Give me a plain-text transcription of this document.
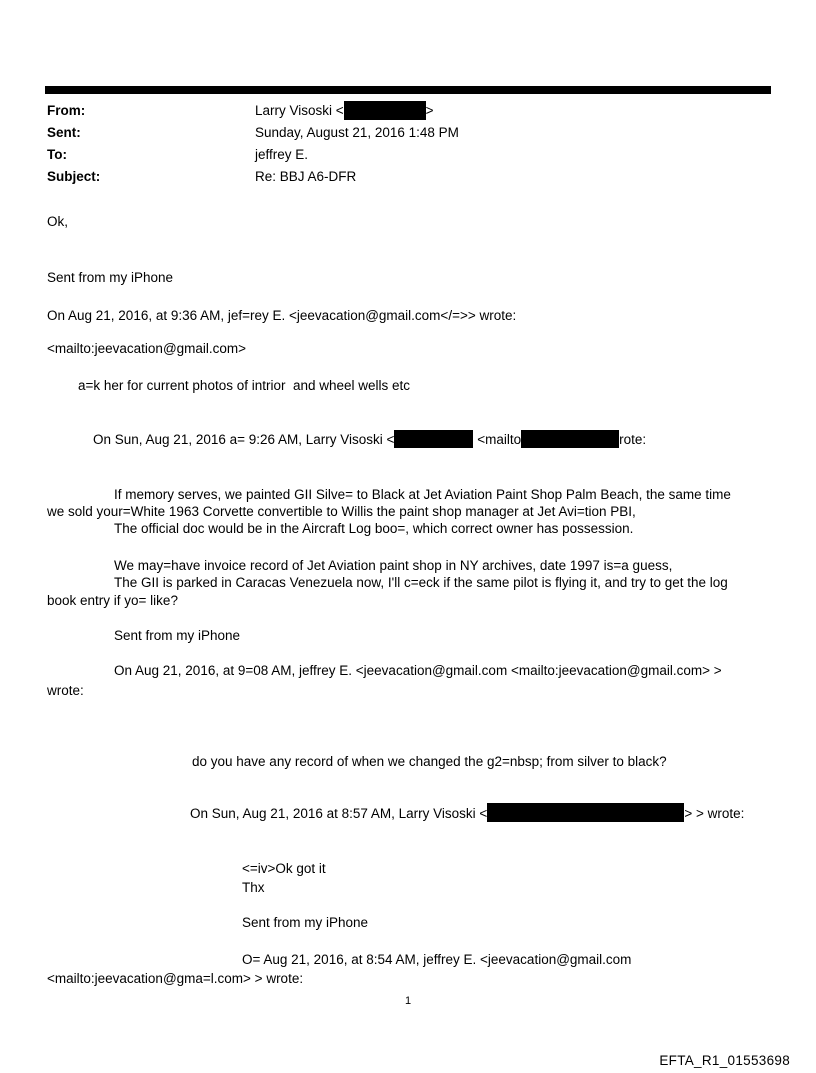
From:	Larry Visoski <	>
Sent:	Sunday, August 21, 2016 1:48 PM
To:	jeffrey E.
Subject:	Re: BBJ A6-DFR
Ok,
Sent from my iPhone
On Aug 21, 2016, at 9:36 AM, jef=rey E. <jeevacation@gmail.com</=>> wrote:
<mailto:jeevacation@gmail.com>
a=k her for current photos of intrior  and wheel wells etc
On Sun, Aug 21, 2016 a= 9:26 AM, Larry Visoski <	<mailto	rote:
If memory serves, we painted GII Silve= to Black at Jet Aviation Paint Shop Palm Beach, the same time
we sold your=White 1963 Corvette convertible to Willis the paint shop manager at Jet Avi=tion PBI,
The official doc would be in the Aircraft Log boo=, which correct owner has possession.
We may=have invoice record of Jet Aviation paint shop in NY archives, date 1997 is=a guess,
The GII is parked in Caracas Venezuela now, I'll c=eck if the same pilot is flying it, and try to get the log
book entry if yo= like?
Sent from my iPhone
On Aug 21, 2016, at 9=08 AM, jeffrey E. <jeevacation@gmail.com <mailto:jeevacation@gmail.com> >
wrote:
do you have any record of when we changed the g2=nbsp; from silver to black?
On Sun, Aug 21, 2016 at 8:57 AM, Larry Visoski <	> > wrote:
<=iv>Ok got it
Thx
Sent from my iPhone
O= Aug 21, 2016, at 8:54 AM, jeffrey E. <jeevacation@gmail.com
<mailto:jeevacation@gma=l.com> > wrote:
1
EFTA_R1_01553698
